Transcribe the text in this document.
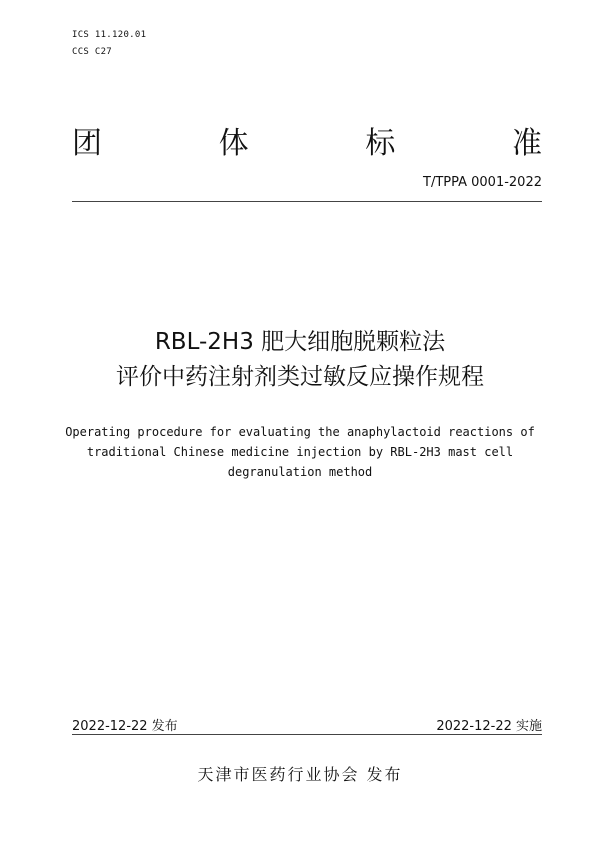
ICS 11.120.01
CCS C27
团	体	标	准
T/TPPA 0001-2022
RBL-2H3 肥大细胞脱颗粒法
评价中药注射剂类过敏反应操作规程
Operating procedure for evaluating the anaphylactoid reactions of
traditional Chinese medicine injection by RBL-2H3 mast cell
degranulation method
2022-12-22 发布	2022-12-22 实施
天津市医药行业协会 发布
